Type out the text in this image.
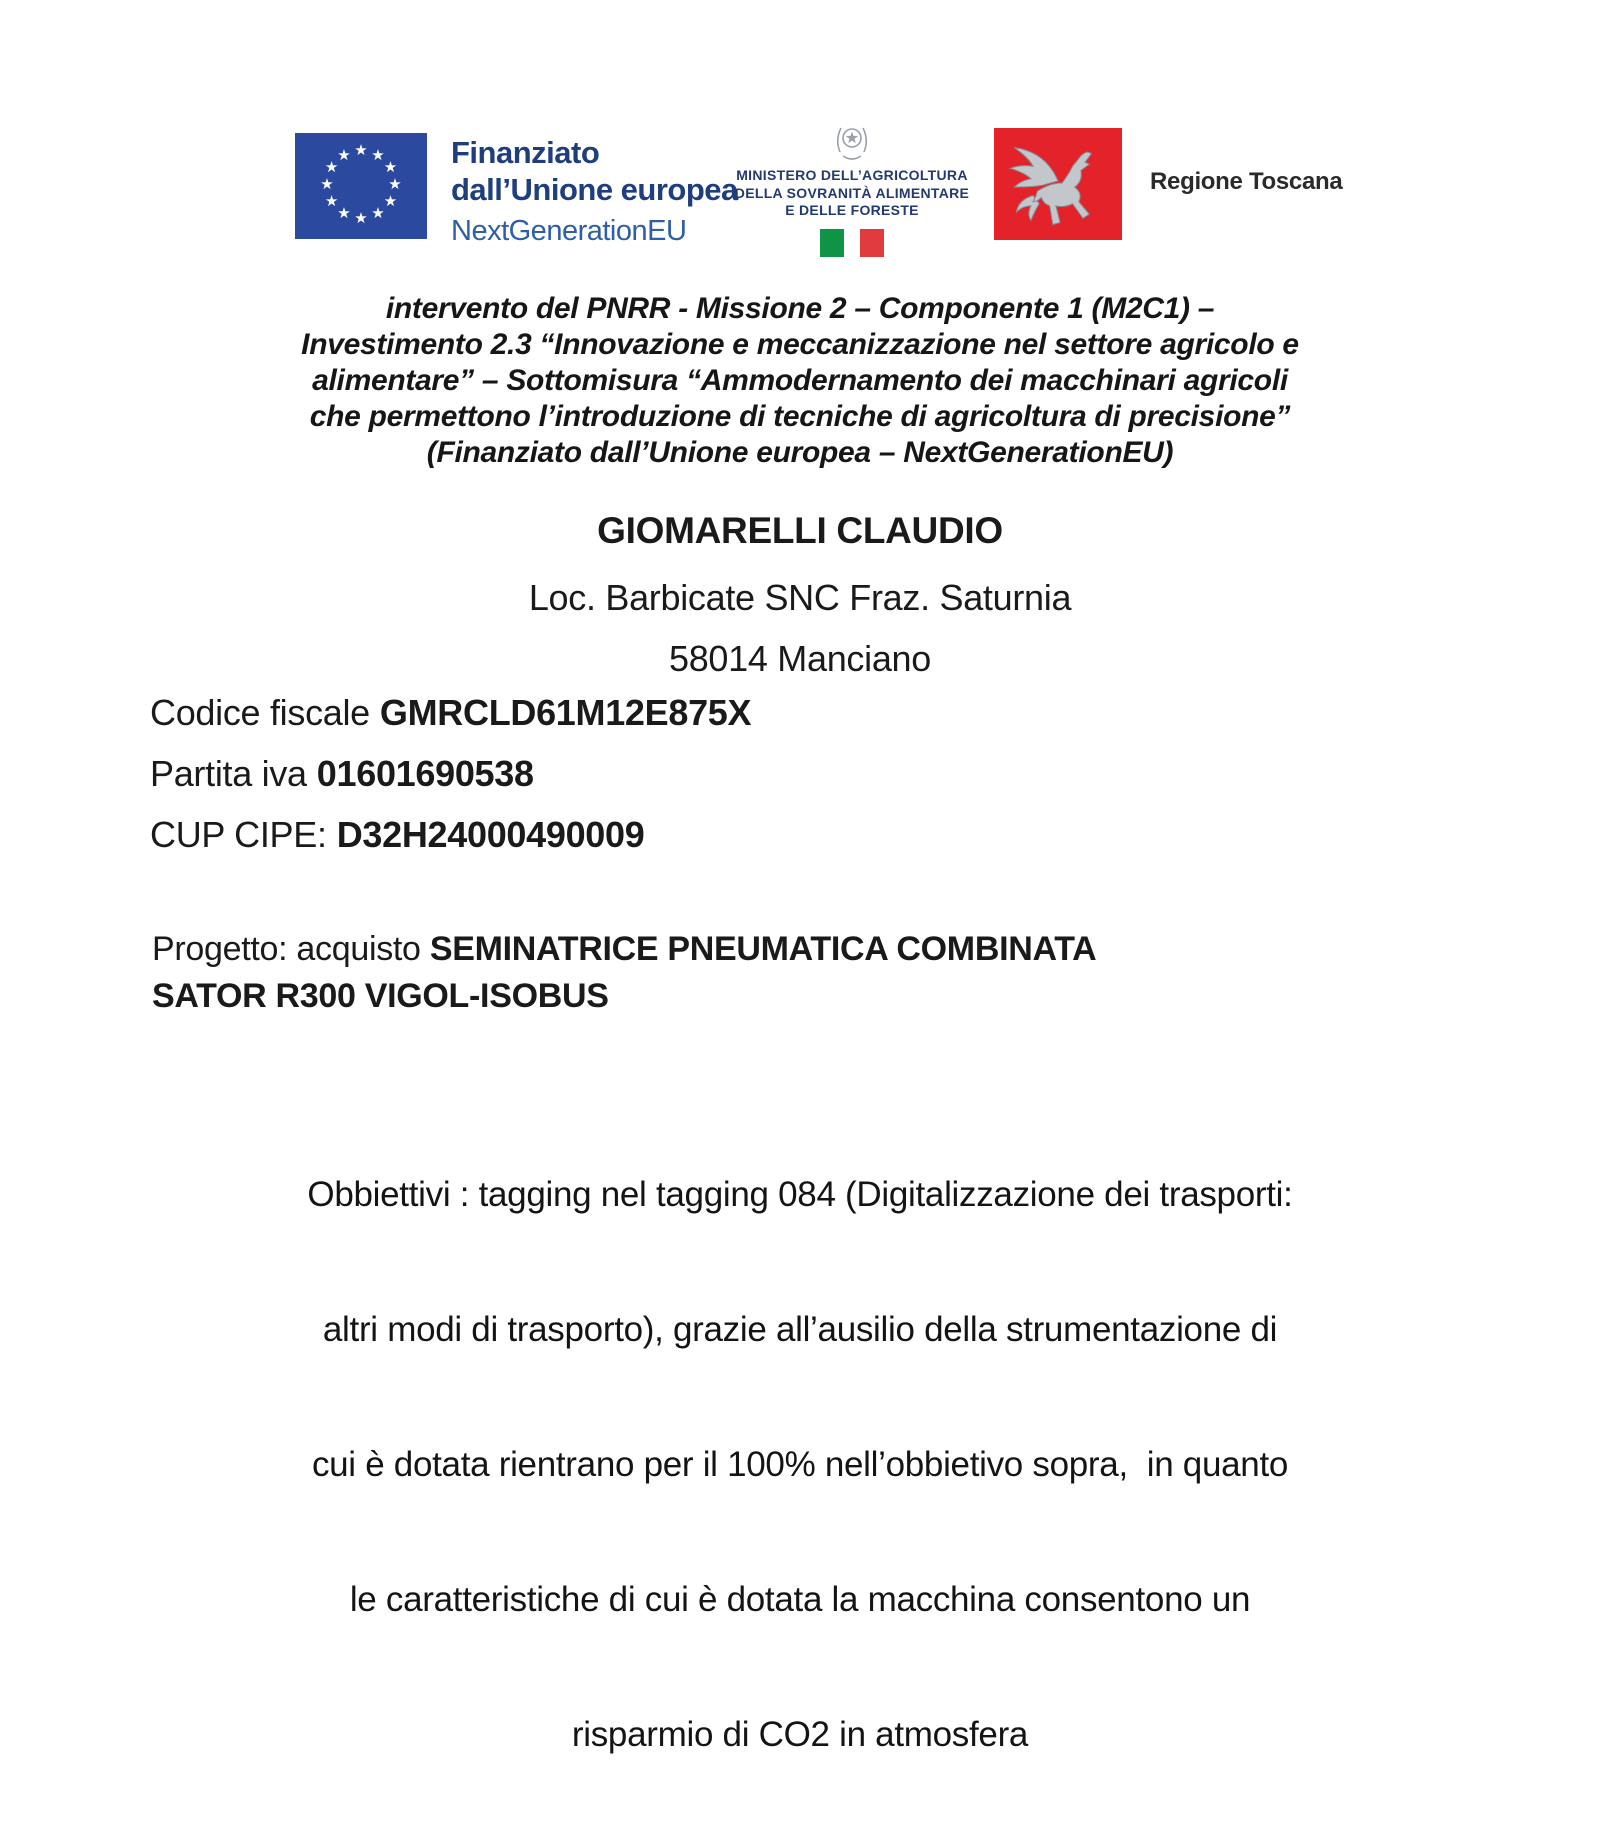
★ ★
★
★
★
★
★
★
★
★
★
★	Finanziato
dall’Unione europea
NextGenerationEU
MINISTERO DELL’AGRICOLTURA
DELLA SOVRANITÀ ALIMENTARE
E DELLE FORESTE
Regione Toscana
intervento del PNRR - Missione 2 – Componente 1 (M2C1) –
Investimento 2.3 “Innovazione e meccanizzazione nel settore agricolo e
alimentare” – Sottomisura “Ammodernamento dei macchinari agricoli
che permettono l’introduzione di tecniche di agricoltura di precisione”
(Finanziato dall’Unione europea – NextGenerationEU)
GIOMARELLI CLAUDIO
Loc. Barbicate SNC Fraz. Saturnia
58014 Manciano
Codice fiscale GMRCLD61M12E875X
Partita iva 01601690538
CUP CIPE: D32H24000490009
Progetto: acquisto SEMINATRICE PNEUMATICA COMBINATA
SATOR R300 VIGOL-ISOBUS

Obbiettivi : tagging nel tagging 084 (Digitalizzazione dei trasporti:

altri modi di trasporto), grazie all’ausilio della strumentazione di

cui è dotata rientrano per il 100% nell’obbietivo sopra,  in quanto

le caratteristiche di cui è dotata la macchina consentono un

risparmio di CO2 in atmosfera
